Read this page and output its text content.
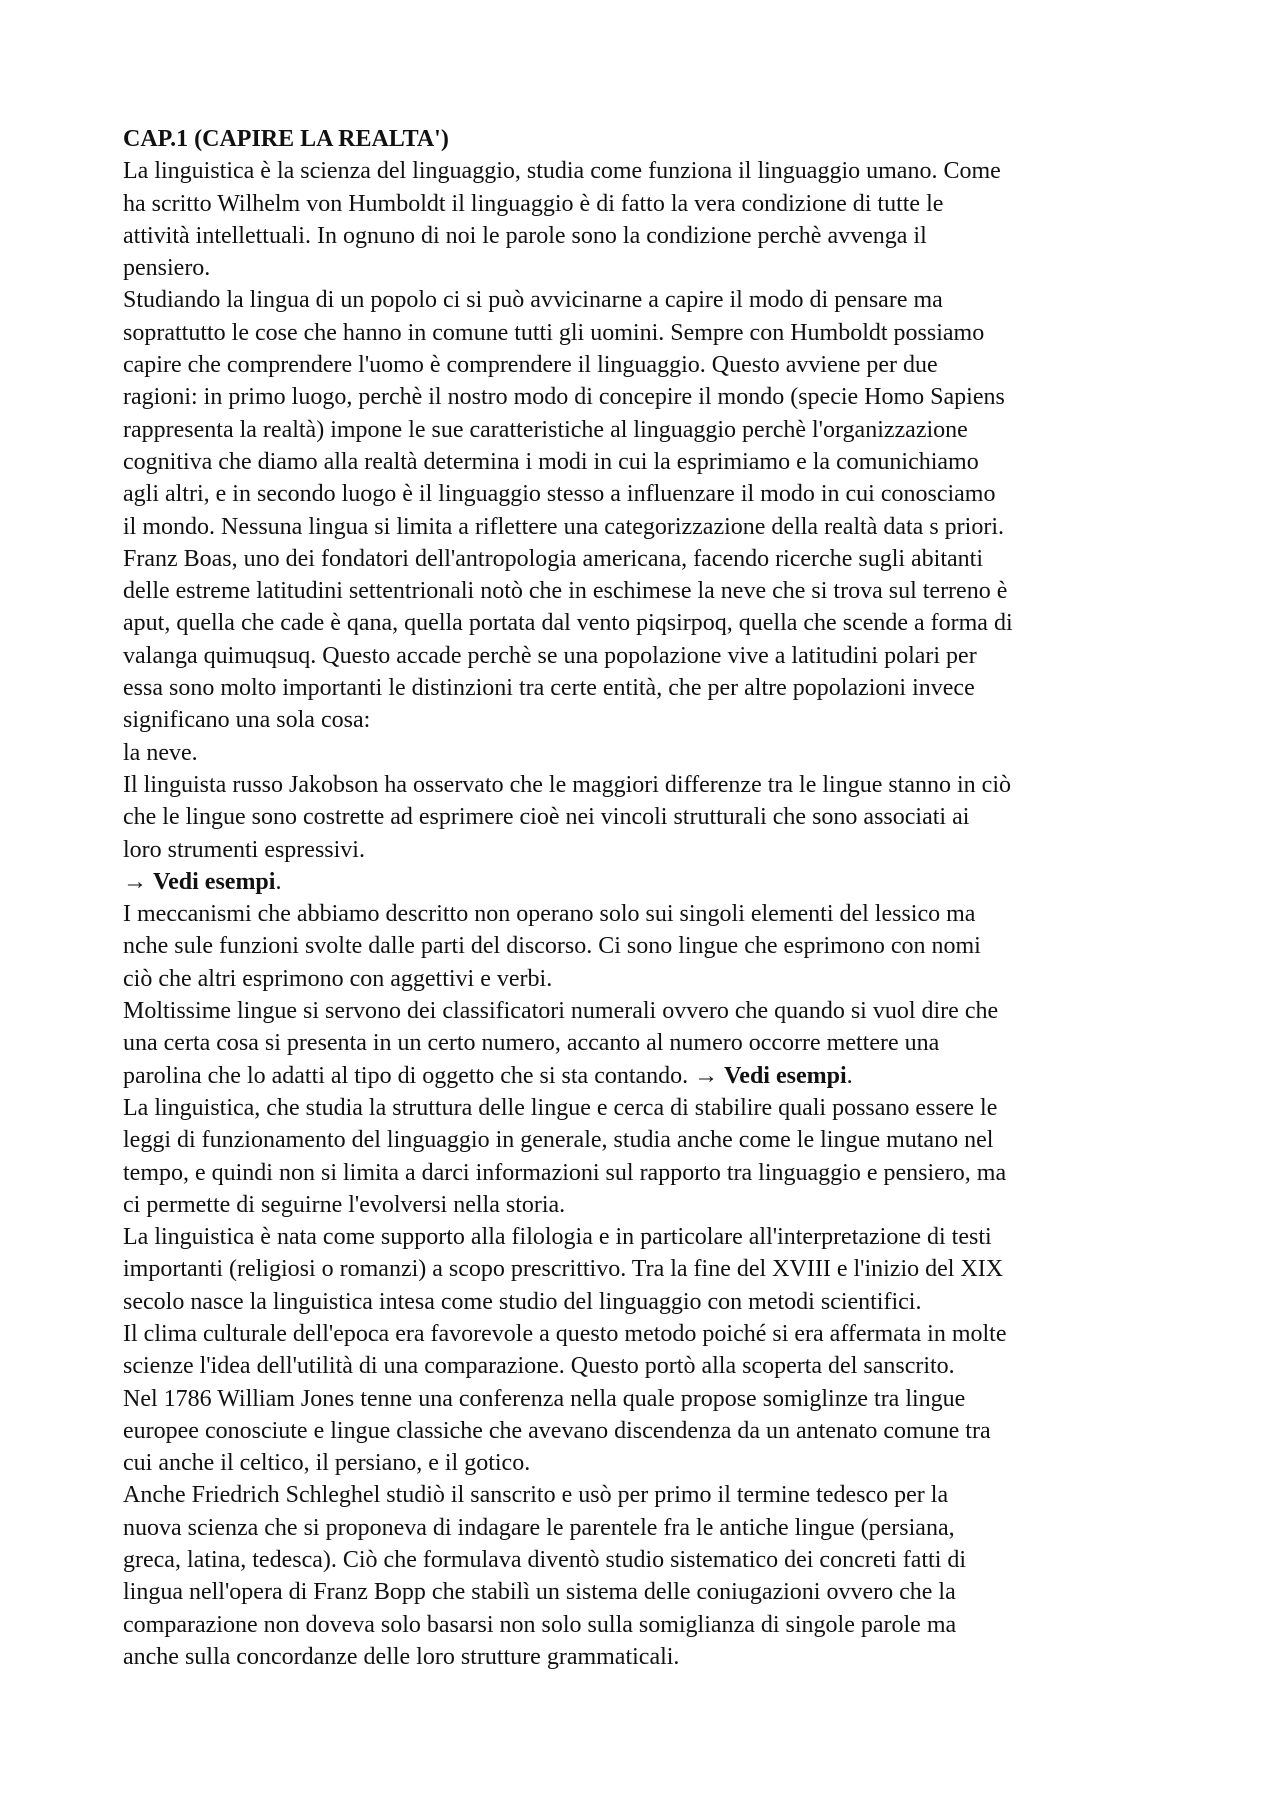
CAP.1 (CAPIRE LA REALTA')

La linguistica è la scienza del linguaggio, studia come funziona il linguaggio umano. Come
ha scritto Wilhelm von Humboldt il linguaggio è di fatto la vera condizione di tutte le
attività intellettuali. In ognuno di noi le parole sono la condizione perchè avvenga il
pensiero.

Studiando la lingua di un popolo ci si può avvicinarne a capire il modo di pensare ma
soprattutto le cose che hanno in comune tutti gli uomini. Sempre con Humboldt possiamo
capire che comprendere l'uomo è comprendere il linguaggio. Questo avviene per due
ragioni: in primo luogo, perchè il nostro modo di concepire il mondo (specie Homo Sapiens
rappresenta la realtà) impone le sue caratteristiche al linguaggio perchè l'organizzazione
cognitiva che diamo alla realtà determina i modi in cui la esprimiamo e la comunichiamo
agli altri, e in secondo luogo è il linguaggio stesso a influenzare il modo in cui conosciamo
il mondo. Nessuna lingua si limita a riflettere una categorizzazione della realtà data s priori.

Franz Boas, uno dei fondatori dell'antropologia americana, facendo ricerche sugli abitanti
delle estreme latitudini settentrionali notò che in eschimese la neve che si trova sul terreno è
aput, quella che cade è qana, quella portata dal vento piqsirpoq, quella che scende a forma di
valanga quimuqsuq. Questo accade perchè se una popolazione vive a latitudini polari per
essa sono molto importanti le distinzioni tra certe entità, che per altre popolazioni invece
significano una sola cosa:

la neve.

Il linguista russo Jakobson ha osservato che le maggiori differenze tra le lingue stanno in ciò
che le lingue sono costrette ad esprimere cioè nei vincoli strutturali che sono associati ai
loro strumenti espressivi.

→ Vedi esempi.

I meccanismi che abbiamo descritto non operano solo sui singoli elementi del lessico ma
nche sule funzioni svolte dalle parti del discorso. Ci sono lingue che esprimono con nomi
ciò che altri esprimono con aggettivi e verbi.

Moltissime lingue si servono dei classificatori numerali ovvero che quando si vuol dire che
una certa cosa si presenta in un certo numero, accanto al numero occorre mettere una
parolina che lo adatti al tipo di oggetto che si sta contando. → Vedi esempi.

La linguistica, che studia la struttura delle lingue e cerca di stabilire quali possano essere le
leggi di funzionamento del linguaggio in generale, studia anche come le lingue mutano nel
tempo, e quindi non si limita a darci informazioni sul rapporto tra linguaggio e pensiero, ma
ci permette di seguirne l'evolversi nella storia.

La linguistica è nata come supporto alla filologia e in particolare all'interpretazione di testi
importanti (religiosi o romanzi) a scopo prescrittivo. Tra la fine del XVIII e l'inizio del XIX
secolo nasce la linguistica intesa come studio del linguaggio con metodi scientifici.

Il clima culturale dell'epoca era favorevole a questo metodo poiché si era affermata in molte
scienze l'idea dell'utilità di una comparazione. Questo portò alla scoperta del sanscrito.

Nel 1786 William Jones tenne una conferenza nella quale propose somiglinze tra lingue
europee conosciute e lingue classiche che avevano discendenza da un antenato comune tra
cui anche il celtico, il persiano, e il gotico.

Anche Friedrich Schleghel studiò il sanscrito e usò per primo il termine tedesco per la
nuova scienza che si proponeva di indagare le parentele fra le antiche lingue (persiana,
greca, latina, tedesca). Ciò che formulava diventò studio sistematico dei concreti fatti di
lingua nell'opera di Franz Bopp che stabilì un sistema delle coniugazioni ovvero che la
comparazione non doveva solo basarsi non solo sulla somiglianza di singole parole ma
anche sulla concordanze delle loro strutture grammaticali.
